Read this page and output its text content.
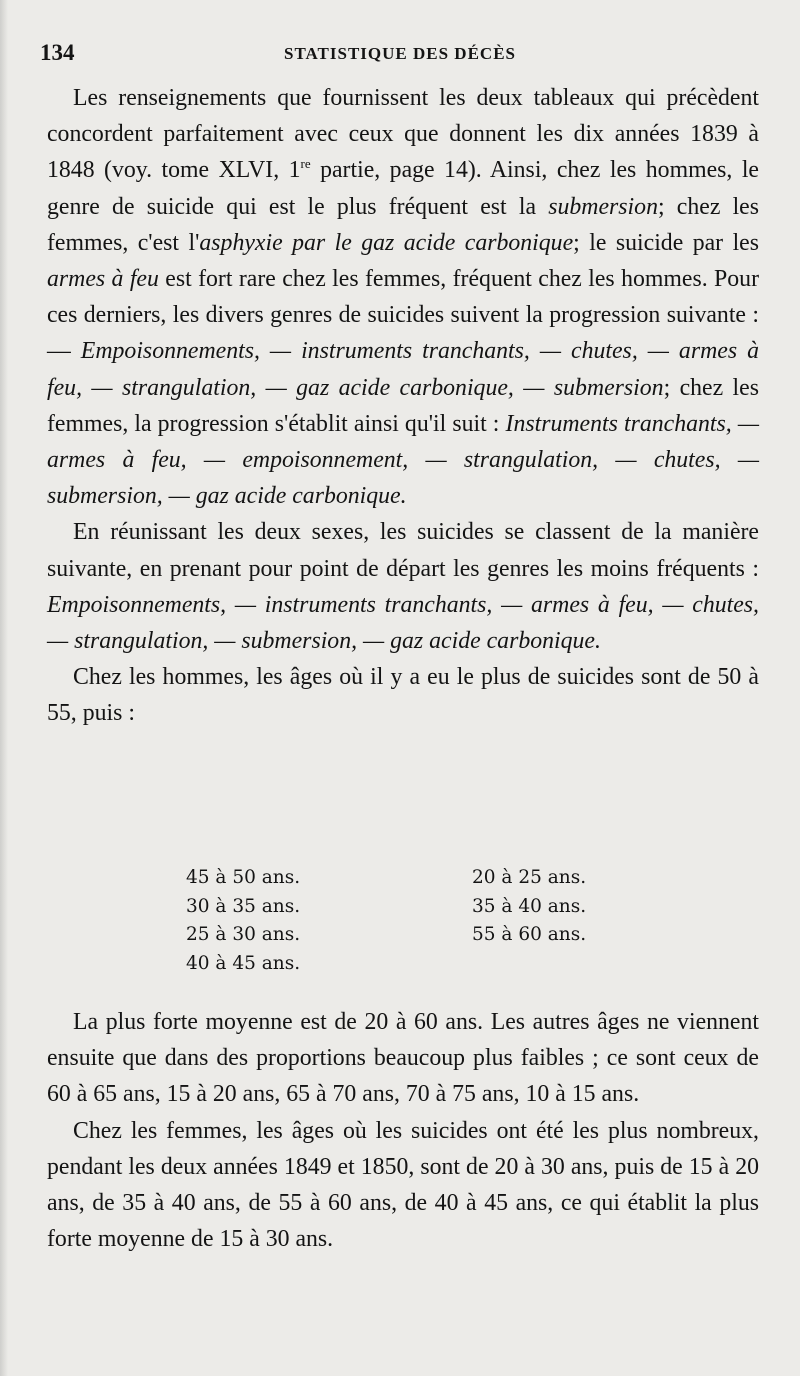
134	STATISTIQUE DES DÉCÈS

Les renseignements que fournissent les deux tableaux qui précèdent concordent parfaitement avec ceux que donnent les dix années 1839 à 1848 (voy. tome XLVI, 1re partie, page 14). Ainsi, chez les hommes, le genre de suicide qui est le plus fréquent est la submersion; chez les femmes, c'est l'asphyxie par le gaz acide carbonique; le suicide par les armes à feu est fort rare chez les femmes, fréquent chez les hommes. Pour ces derniers, les divers genres de suicides suivent la progression suivante : — Empoisonnements, — instruments tranchants, — chutes, — armes à feu, — strangulation, — gaz acide carbonique, — submersion; chez les femmes, la progression s'établit ainsi qu'il suit : Instruments tranchants, — armes à feu, — empoisonnement, — strangulation, — chutes, — submersion, — gaz acide carbonique.

En réunissant les deux sexes, les suicides se classent de la manière suivante, en prenant pour point de départ les genres les moins fréquents : Empoisonnements, — instruments tranchants, — armes à feu, — chutes, — strangulation, — submersion, — gaz acide carbonique.

Chez les hommes, les âges où il y a eu le plus de suicides sont de 50 à 55, puis :

45 à 50 ans.
30 à 35 ans.
25 à 30 ans.
40 à 45 ans.
20 à 25 ans.
35 à 40 ans.
55 à 60 ans.

La plus forte moyenne est de 20 à 60 ans. Les autres âges ne viennent ensuite que dans des proportions beaucoup plus faibles ; ce sont ceux de 60 à 65 ans, 15 à 20 ans, 65 à 70 ans, 70 à 75 ans, 10 à 15 ans.

Chez les femmes, les âges où les suicides ont été les plus nombreux, pendant les deux années 1849 et 1850, sont de 20 à 30 ans, puis de 15 à 20 ans, de 35 à 40 ans, de 55 à 60 ans, de 40 à 45 ans, ce qui établit la plus forte moyenne de 15 à 30 ans.
